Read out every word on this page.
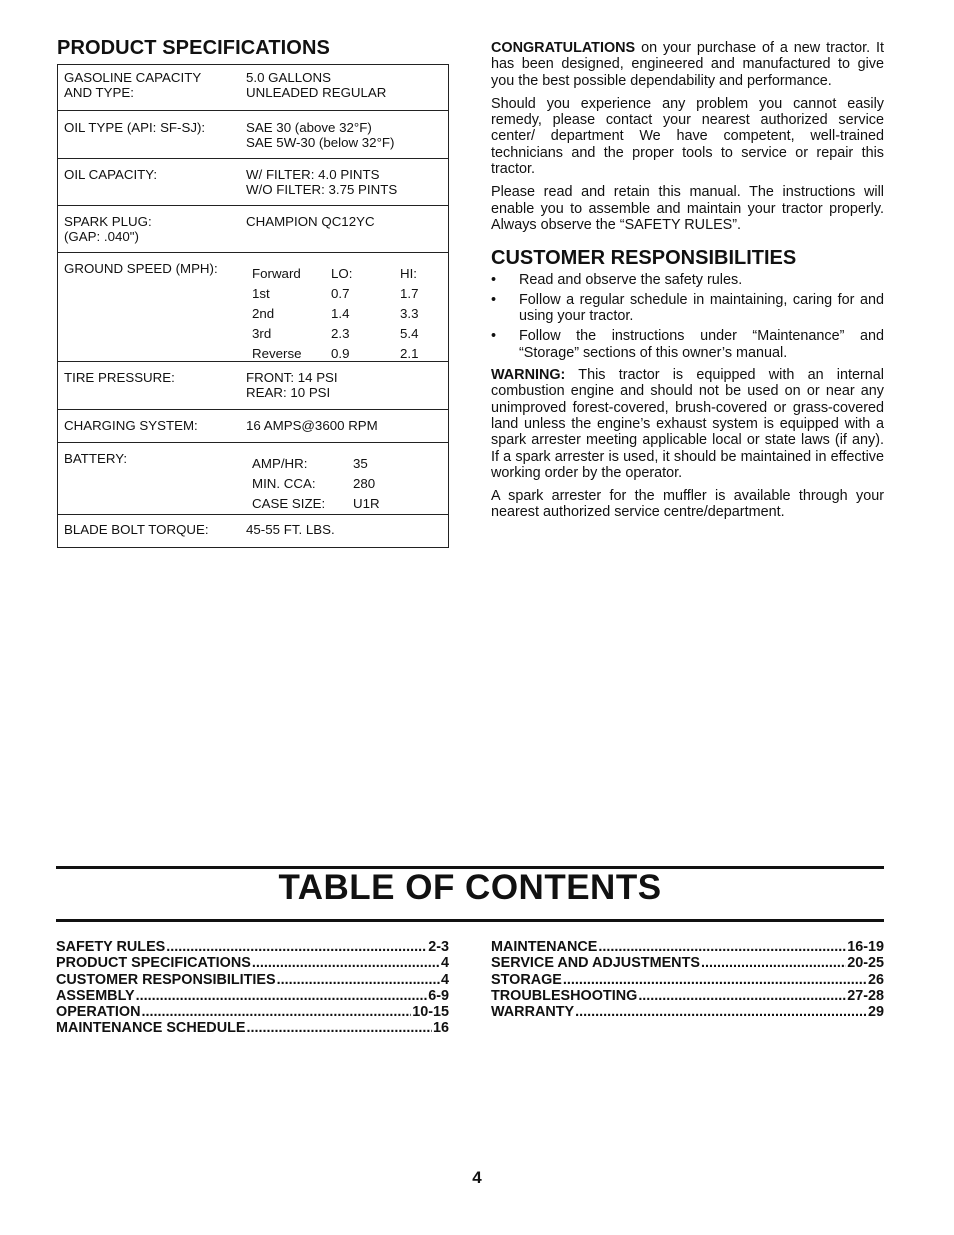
PRODUCT SPECIFICATIONS
GASOLINE CAPACITY
AND TYPE:	5.0 GALLONS
UNLEADED REGULAR
OIL TYPE (API: SF-SJ):	SAE 30 (above 32°F)
SAE 5W-30 (below 32°F)
OIL CAPACITY:	W/ FILTER: 4.0 PINTS
W/O FILTER: 3.75 PINTS
SPARK PLUG:
(GAP: .040")	CHAMPION QC12YC
GROUND SPEED (MPH):		Forward	LO:	HI:
1st	0.7	1.7
2nd	1.4	3.3
3rd	2.3	5.4
Reverse	0.9	2.1

TIRE PRESSURE:	FRONT: 14 PSI
REAR: 10 PSI
CHARGING SYSTEM:	16 AMPS@3600 RPM
BATTERY:		AMP/HR:	35
MIN. CCA:	280
CASE SIZE:	U1R

BLADE BOLT TORQUE:	45-55 FT. LBS.

CONGRATULATIONS on your purchase of a new tractor. It has been designed, engineered and manufactured to give you the best possible dependability and performance.

Should you experience any problem you cannot easily remedy, please contact your nearest authorized service center/ department We have competent, well-trained technicians and the proper tools to service or repair this tractor.

Please read and retain this manual. The instructions will enable you to assemble and maintain your tractor properly. Always observe the “SAFETY RULES”.

CUSTOMER RESPONSIBILITIES
• Read and observe the safety rules.
• Follow a regular schedule in maintaining, caring for and using your tractor.
• Follow the instructions under “Maintenance” and “Storage” sections of this owner’s manual.

WARNING: This tractor is equipped with an internal combustion engine and should not be used on or near any unimproved forest-covered, brush-covered or grass-covered land unless the engine’s exhaust system is equipped with a spark arrester meeting applicable local or state laws (if any). If a spark arrester is used, it should be maintained in effective working order by the operator.

A spark arrester for the muffler is available through your nearest authorized service centre/department.

TABLE OF CONTENTS
SAFETY RULES .....	2-3
PRODUCT SPECIFICATIONS .....	4
CUSTOMER RESPONSIBILITIES .....	4
ASSEMBLY .....	6-9
OPERATION .....	10-15
MAINTENANCE SCHEDULE .....	16
MAINTENANCE .....	16-19
SERVICE AND ADJUSTMENTS .....	20-25
STORAGE .....	26
TROUBLESHOOTING .....	27-28
WARRANTY .....	29
4
